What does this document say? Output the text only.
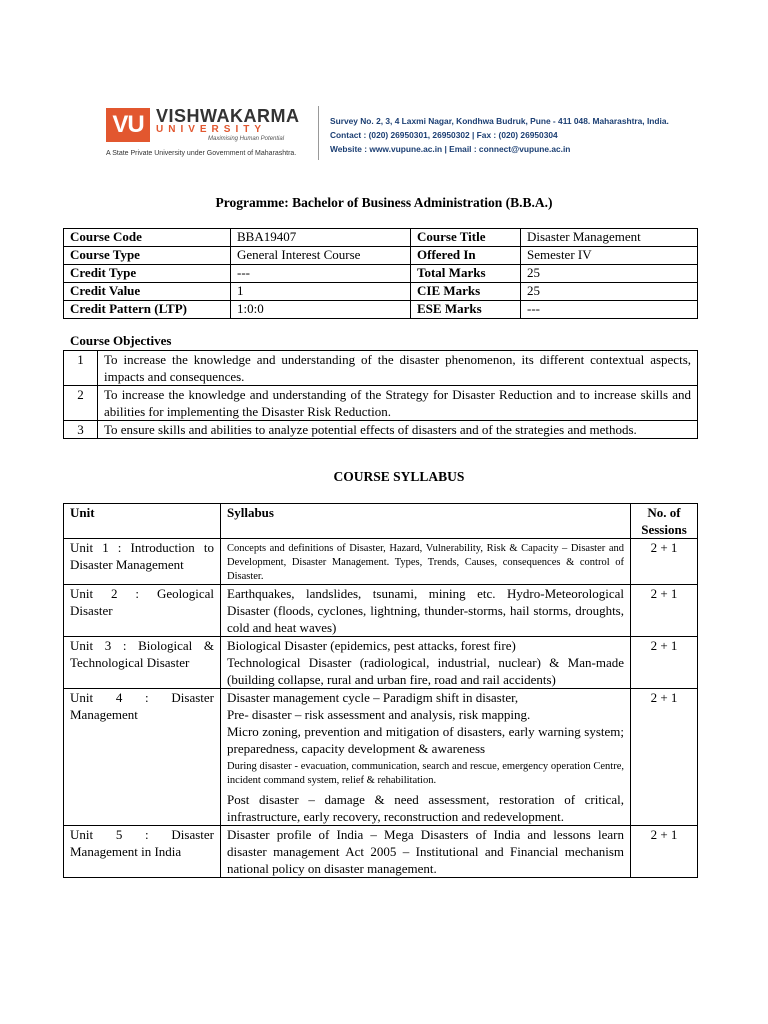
VU VISHWAKARMA
UNIVERSITY
Maximising Human Potential
A State Private University under Government of Maharashtra.
Survey No. 2, 3, 4 Laxmi Nagar, Kondhwa Budruk, Pune - 411 048. Maharashtra, India.
Contact : (020) 26950301, 26950302 | Fax : (020) 26950304
Website : www.vupune.ac.in | Email : connect@vupune.ac.in
Programme: Bachelor of Business Administration (B.B.A.)
Course Code	BBA19407	Course Title	Disaster Management
Course Type	General Interest Course	Offered In	Semester IV
Credit Type	---	Total Marks	25
Credit Value	1	CIE Marks	25
Credit Pattern (LTP)	1:0:0	ESE Marks	---
Course Objectives
1	To increase the knowledge and understanding of the disaster phenomenon, its different contextual aspects, impacts and consequences.
2	To increase the knowledge and understanding of the Strategy for Disaster Reduction and to increase skills and abilities for implementing the Disaster Risk Reduction.
3	To ensure skills and abilities to analyze potential effects of disasters and of the strategies and methods.
COURSE SYLLABUS
Unit	Syllabus	No. of Sessions
Unit 1 : Introduction to Disaster Management	Concepts and definitions of Disaster, Hazard, Vulnerability, Risk & Capacity – Disaster and Development, Disaster Management. Types, Trends, Causes, consequences & control of Disaster.	2 + 1
Unit 2 : Geological Disaster	Earthquakes, landslides, tsunami, mining etc. Hydro-Meteorological Disaster (floods, cyclones, lightning, thunder-storms, hail storms, droughts, cold and heat waves)	2 + 1
Unit 3 : Biological & Technological Disaster	Biological Disaster (epidemics, pest attacks, forest fire)

Technological Disaster (radiological, industrial, nuclear) & Man-made (building collapse, rural and urban fire, road and rail accidents)	2 + 1
Unit 4 : Disaster Management	Disaster management cycle – Paradigm shift in disaster,

Pre- disaster – risk assessment and analysis, risk mapping.

Micro zoning, prevention and mitigation of disasters, early warning system; preparedness, capacity development & awareness

During disaster - evacuation, communication, search and rescue, emergency operation Centre, incident command system, relief & rehabilitation.

Post disaster – damage & need assessment, restoration of critical, infrastructure, early recovery, reconstruction and redevelopment.	2 + 1
Unit 5 : Disaster Management in India	Disaster profile of India – Mega Disasters of India and lessons learn disaster management Act 2005 – Institutional and Financial mechanism national policy on disaster management.	2 + 1
